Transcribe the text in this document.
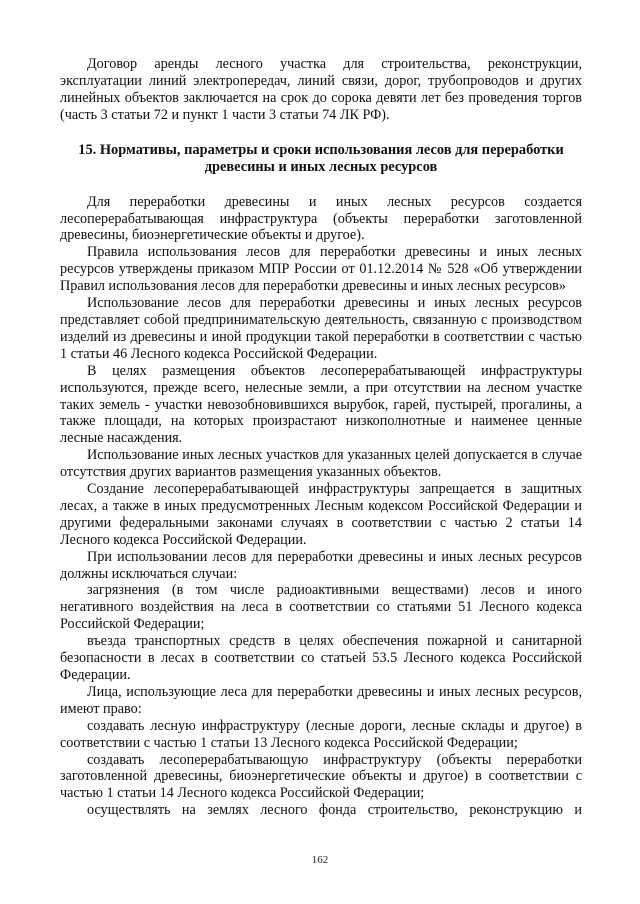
Договор аренды лесного участка для строительства, реконструкции, эксплуатации линий электропередач, линий связи, дорог, трубопроводов и других линейных объектов заключается на срок до сорока девяти лет без проведения торгов (часть 3 статьи 72 и пункт 1 части 3 статьи 74 ЛК РФ).

15. Нормативы, параметры и сроки использования лесов для переработки
древесины и иных лесных ресурсов

Для переработки древесины и иных лесных ресурсов создается лесоперерабатывающая инфраструктура (объекты переработки заготовленной древесины, биоэнергетические объекты и другое).

Правила использования лесов для переработки древесины и иных лесных ресурсов утверждены приказом МПР России от 01.12.2014 № 528 «Об утверждении Правил использования лесов для переработки древесины и иных лесных ресурсов»

Использование лесов для переработки древесины и иных лесных ресурсов представляет собой предпринимательскую деятельность, связанную с производством изделий из древесины и иной продукции такой переработки в соответствии с частью 1 статьи 46 Лесного кодекса Российской Федерации.

В целях размещения объектов лесоперерабатывающей инфраструктуры используются, прежде всего, нелесные земли, а при отсутствии на лесном участке таких земель - участки невозобновившихся вырубок, гарей, пустырей, прогалины, а также площади, на которых произрастают низкополнотные и наименее ценные лесные насаждения.

Использование иных лесных участков для указанных целей допускается в случае отсутствия других вариантов размещения указанных объектов.

Создание лесоперерабатывающей инфраструктуры запрещается в защитных лесах, а также в иных предусмотренных Лесным кодексом Российской Федерации и другими федеральными законами случаях в соответствии с частью 2 статьи 14 Лесного кодекса Российской Федерации.

При использовании лесов для переработки древесины и иных лесных ресурсов должны исключаться случаи:

загрязнения (в том числе радиоактивными веществами) лесов и иного негативного воздействия на леса в соответствии со статьями 51 Лесного кодекса Российской Федерации;

въезда транспортных средств в целях обеспечения пожарной и санитарной безопасности в лесах в соответствии со статьей 53.5 Лесного кодекса Российской Федерации.

Лица, использующие леса для переработки древесины и иных лесных ресурсов, имеют право:

создавать лесную инфраструктуру (лесные дороги, лесные склады и другое) в соответствии с частью 1 статьи 13 Лесного кодекса Российской Федерации;

создавать лесоперерабатывающую инфраструктуру (объекты переработки заготовленной древесины, биоэнергетические объекты и другое) в соответствии с частью 1 статьи 14 Лесного кодекса Российской Федерации;

осуществлять на землях лесного фонда строительство, реконструкцию и

162
